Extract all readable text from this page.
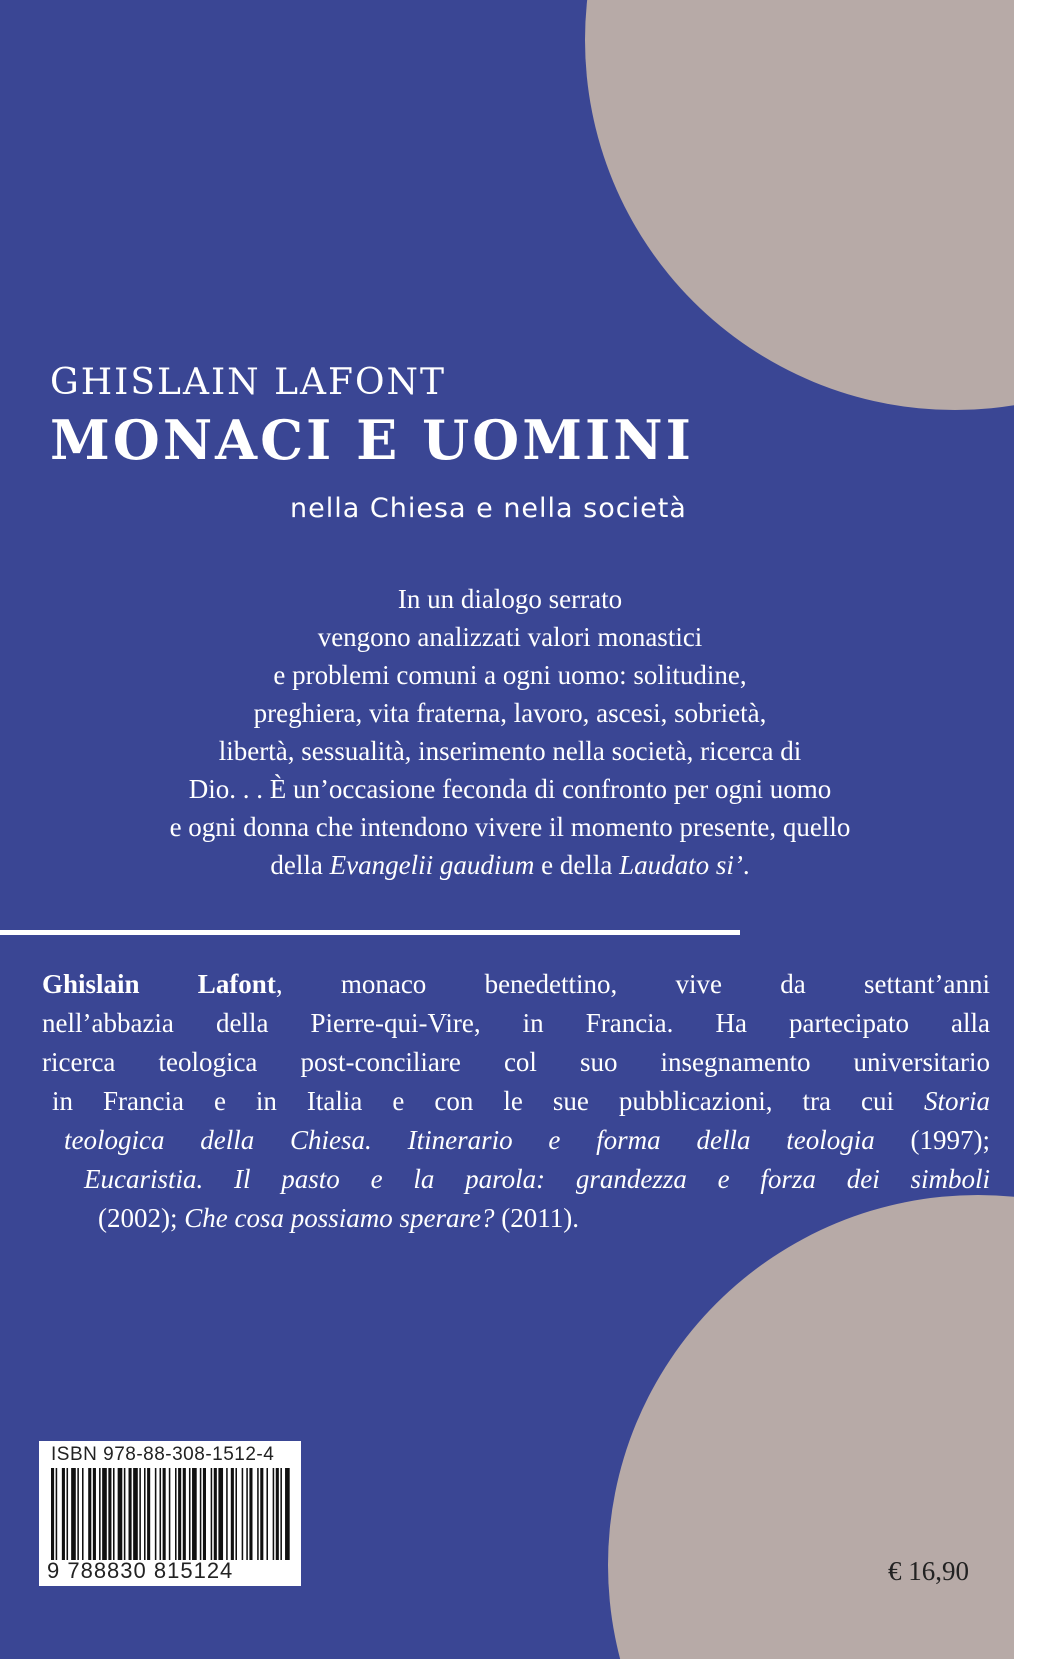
GHISLAIN LAFONT
MONACI E UOMINI
nella Chiesa e nella società
In un dialogo serrato
vengono analizzati valori monastici
e problemi comuni a ogni uomo: solitudine,
preghiera, vita fraterna, lavoro, ascesi, sobrietà,
libertà, sessualità, inserimento nella società, ricerca di
Dio. . . È un’occasione feconda di confronto per ogni uomo
e ogni donna che intendono vivere il momento presente, quello
della Evangelii gaudium e della Laudato si’.
Ghislain Lafont, monaco benedettino, vive da settant’anni
nell’abbazia della Pierre-qui-Vire, in Francia. Ha partecipato alla
ricerca teologica post-conciliare col suo insegnamento universitario
in Francia e in Italia e con le sue pubblicazioni, tra cui Storia
teologica della Chiesa. Itinerario e forma della teologia (1997);
Eucaristia. Il pasto e la parola: grandezza e forza dei simboli
(2002); Che cosa possiamo sperare? (2011).
ISBN 978-88-308-1512-4
9 788830 815124	€ 16,90
